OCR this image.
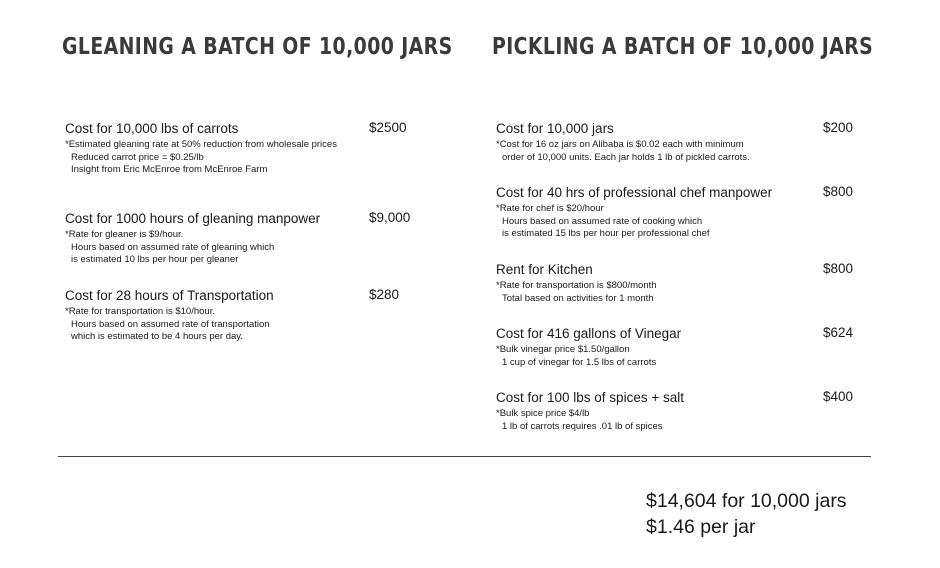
GLEANING A BATCH OF 10,000 JARS PICKLING A BATCH OF 10,000 JARS
Cost for 10,000 lbs of carrots	$2500
*Estimated gleaning rate at 50% reduction from wholesale prices
Reduced carrot price = $0.25/lb
Insight from Eric McEnroe from McEnroe Farm
Cost for 1000 hours of gleaning manpower	$9,000
*Rate for gleaner is $9/hour.
Hours based on assumed rate of gleaning which
is estimated 10 lbs per hour per gleaner
Cost for 28 hours of Transportation	$280
*Rate for transportation is $10/hour.
Hours based on assumed rate of transportation
which is estimated to be 4 hours per day.
Cost for 10,000 jars	$200
*Cost for 16 oz jars on Alibaba is $0.02 each with minimum
order of 10,000 units. Each jar holds 1 lb of pickled carrots.
Cost for 40 hrs of professional chef manpower	$800
*Rate for chef is $20/hour
Hours based on assumed rate of cooking which
is estimated 15 lbs per hour per professional chef
Rent for Kitchen	$800
*Rate for transportation is $800/month
Total based on activities for 1 month
Cost for 416 gallons of Vinegar	$624
*Bulk vinegar price $1.50/gallon
1 cup of vinegar for 1.5 lbs of carrots
Cost for 100 lbs of spices + salt	$400
*Bulk spice price $4/lb
1 lb of carrots requires .01 lb of spices
$14,604 for 10,000 jars
$1.46 per jar
